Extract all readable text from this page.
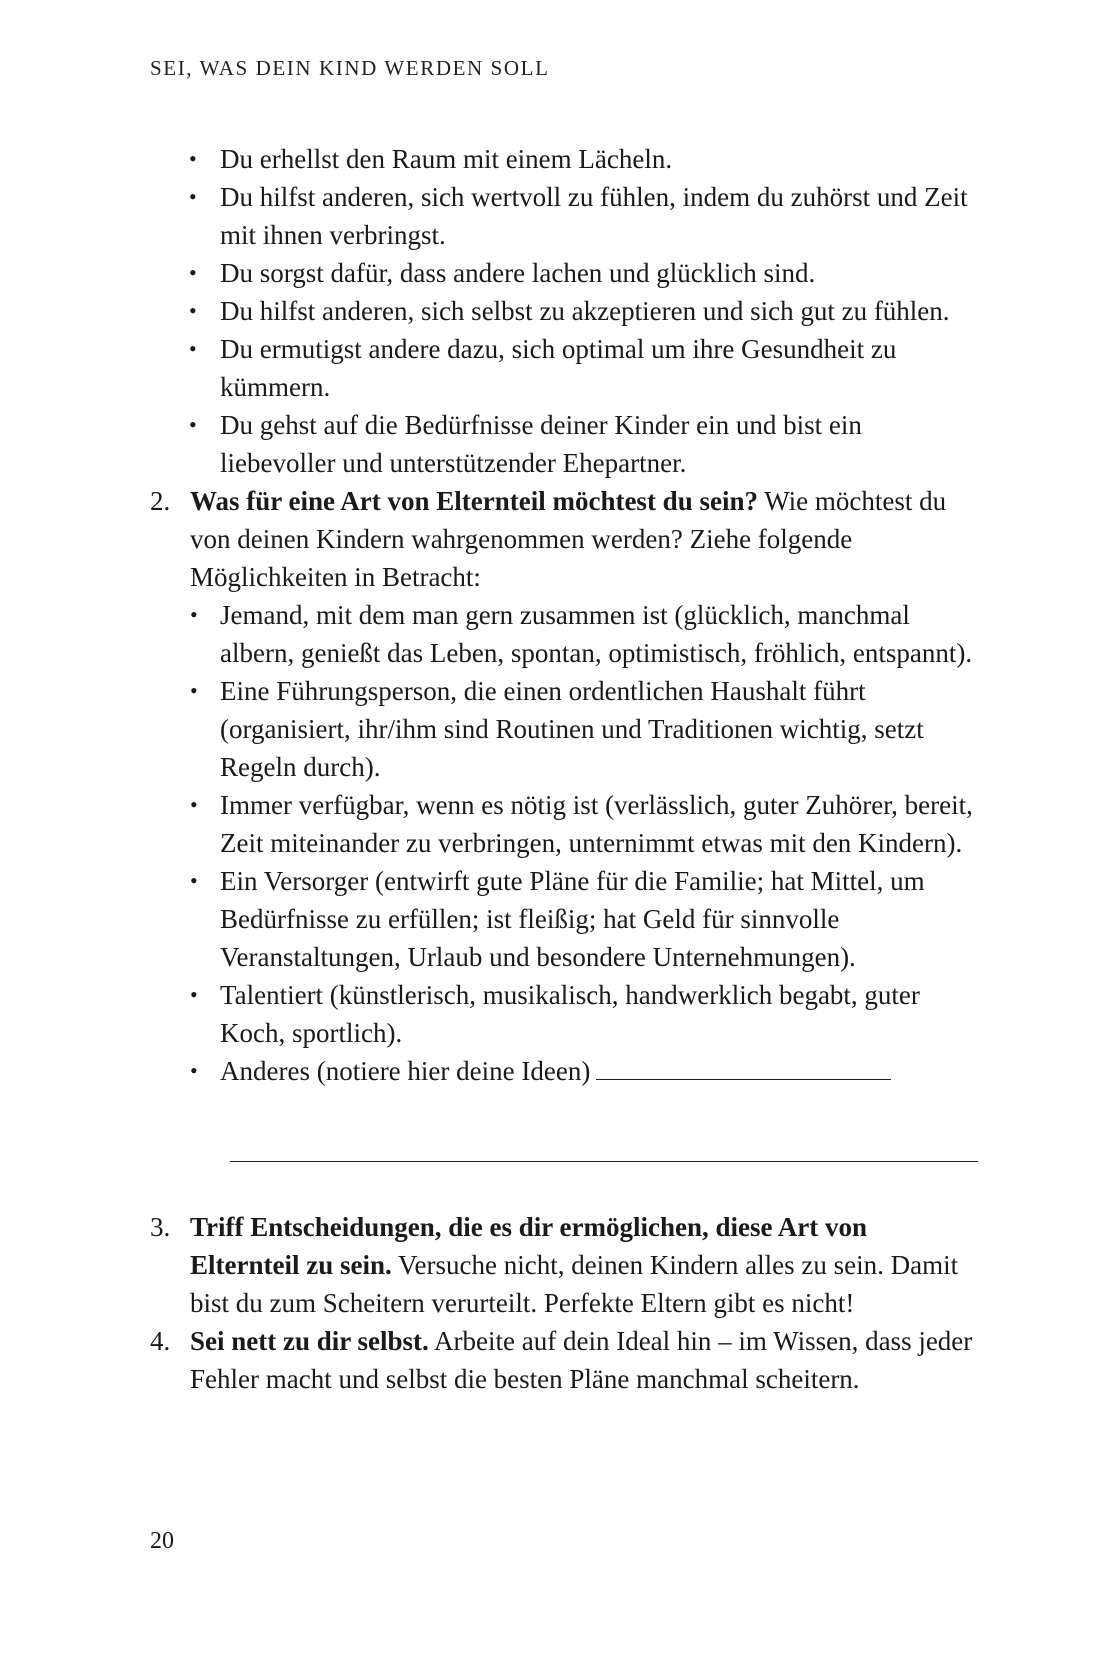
SEI, WAS DEIN KIND WERDEN SOLL
• Du erhellst den Raum mit einem Lächeln.
• Du hilfst anderen, sich wertvoll zu fühlen, indem du zuhörst und Zeit mit ihnen verbringst.
• Du sorgst dafür, dass andere lachen und glücklich sind.
• Du hilfst anderen, sich selbst zu akzeptieren und sich gut zu fühlen.
• Du ermutigst andere dazu, sich optimal um ihre Gesundheit zu kümmern.
• Du gehst auf die Bedürfnisse deiner Kinder ein und bist ein liebevoller und unterstützender Ehepartner.
2. Was für eine Art von Elternteil möchtest du sein? Wie möchtest du von deinen Kindern wahrgenommen werden? Ziehe folgende Möglichkeiten in Betracht:
• Jemand, mit dem man gern zusammen ist (glücklich, manchmal albern, genießt das Leben, spontan, optimistisch, fröhlich, entspannt).
• Eine Führungsperson, die einen ordentlichen Haushalt führt (organisiert, ihr/ihm sind Routinen und Traditionen wichtig, setzt Regeln durch).
• Immer verfügbar, wenn es nötig ist (verlässlich, guter Zuhörer, bereit, Zeit miteinander zu verbringen, unternimmt etwas mit den Kindern).
• Ein Versorger (entwirft gute Pläne für die Familie; hat Mittel, um Bedürfnisse zu erfüllen; ist fleißig; hat Geld für sinnvolle Veranstaltungen, Urlaub und besondere Unternehmungen).
• Talentiert (künstlerisch, musikalisch, handwerklich begabt, guter Koch, sportlich).
• Anderes (notiere hier deine Ideen)
3. Triff Entscheidungen, die es dir ermöglichen, diese Art von Elternteil zu sein. Versuche nicht, deinen Kindern alles zu sein. Damit bist du zum Scheitern verurteilt. Perfekte Eltern gibt es nicht!
4. Sei nett zu dir selbst. Arbeite auf dein Ideal hin – im Wissen, dass jeder Fehler macht und selbst die besten Pläne manchmal scheitern.
20
